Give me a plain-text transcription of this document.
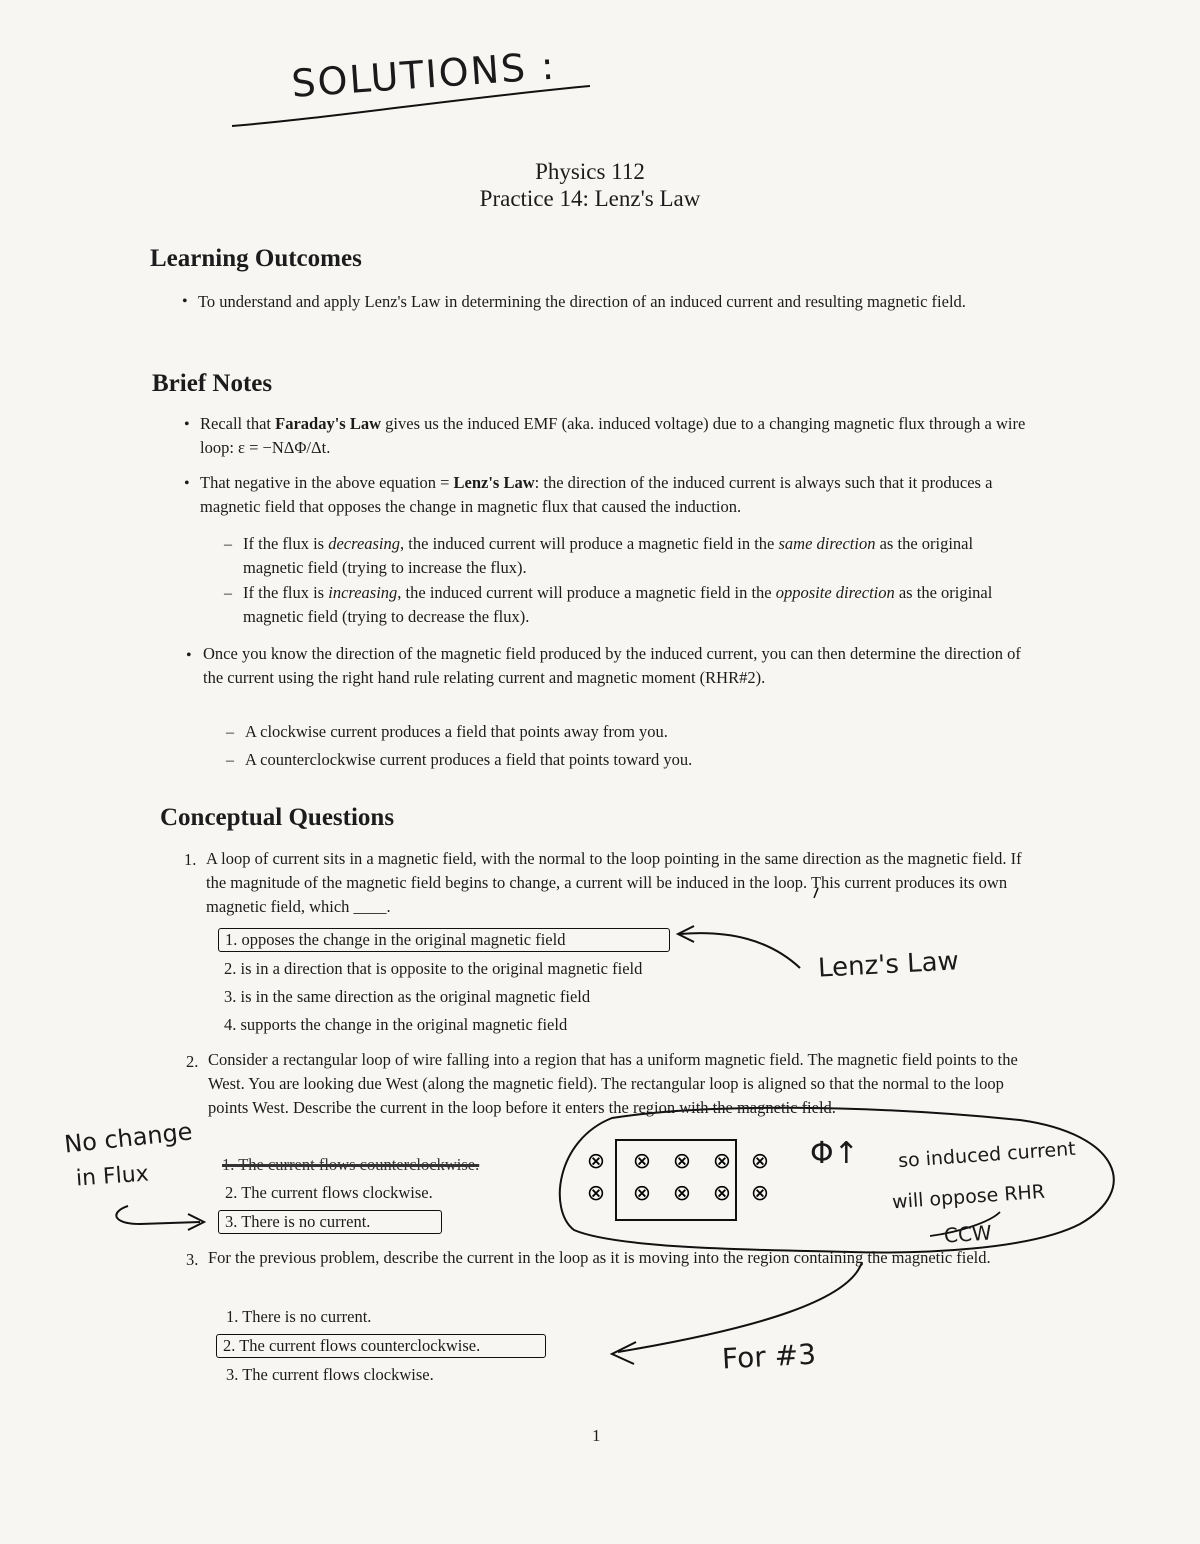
SOLUTIONS :
Physics 112
Practice 14: Lenz's Law
Learning Outcomes
• To understand and apply Lenz's Law in determining the direction of an induced current and resulting magnetic field.

Brief Notes
• Recall that Faraday's Law gives us the induced EMF (aka. induced voltage) due to a changing magnetic flux through a wire loop: ε = −NΔΦ/Δt.

• That negative in the above equation = Lenz's Law: the direction of the induced current is always such that it produces a magnetic field that opposes the change in magnetic flux that caused the induction.

– If the flux is decreasing, the induced current will produce a magnetic field in the same direction as the original magnetic field (trying to increase the flux).

– If the flux is increasing, the induced current will produce a magnetic field in the opposite direction as the original magnetic field (trying to decrease the flux).

• Once you know the direction of the magnetic field produced by the induced current, you can then determine the direction of the current using the right hand rule relating current and magnetic moment (RHR#2).

– A clockwise current produces a field that points away from you.

– A counterclockwise current produces a field that points toward you.

Conceptual Questions
1. A loop of current sits in a magnetic field, with the normal to the loop pointing in the same direction as the magnetic field. If the magnitude of the magnetic field begins to change, a current will be induced in the loop. This current produces its own magnetic field, which ____.

1. opposes the change in the original magnetic field
2. is in a direction that is opposite to the original magnetic field
3. is in the same direction as the original magnetic field
4. supports the change in the original magnetic field
Lenz's Law
2. Consider a rectangular loop of wire falling into a region that has a uniform magnetic field. The magnetic field points to the West. You are looking due West (along the magnetic field). The rectangular loop is aligned so that the normal to the loop points West. Describe the current in the loop before it enters the region with the magnetic field.

1. The current flows counterclockwise.
2. The current flows clockwise.
3. There is no current.
No change
in Flux	⊗ ⊗ ⊗ ⊗ ⊗
⊗ ⊗ ⊗ ⊗ ⊗
Φ↑ so induced current
will oppose RHR
CCW
3. For the previous problem, describe the current in the loop as it is moving into the region containing the magnetic field.

1. There is no current.
2. The current flows counterclockwise.
3. The current flows clockwise.	For #3
1
